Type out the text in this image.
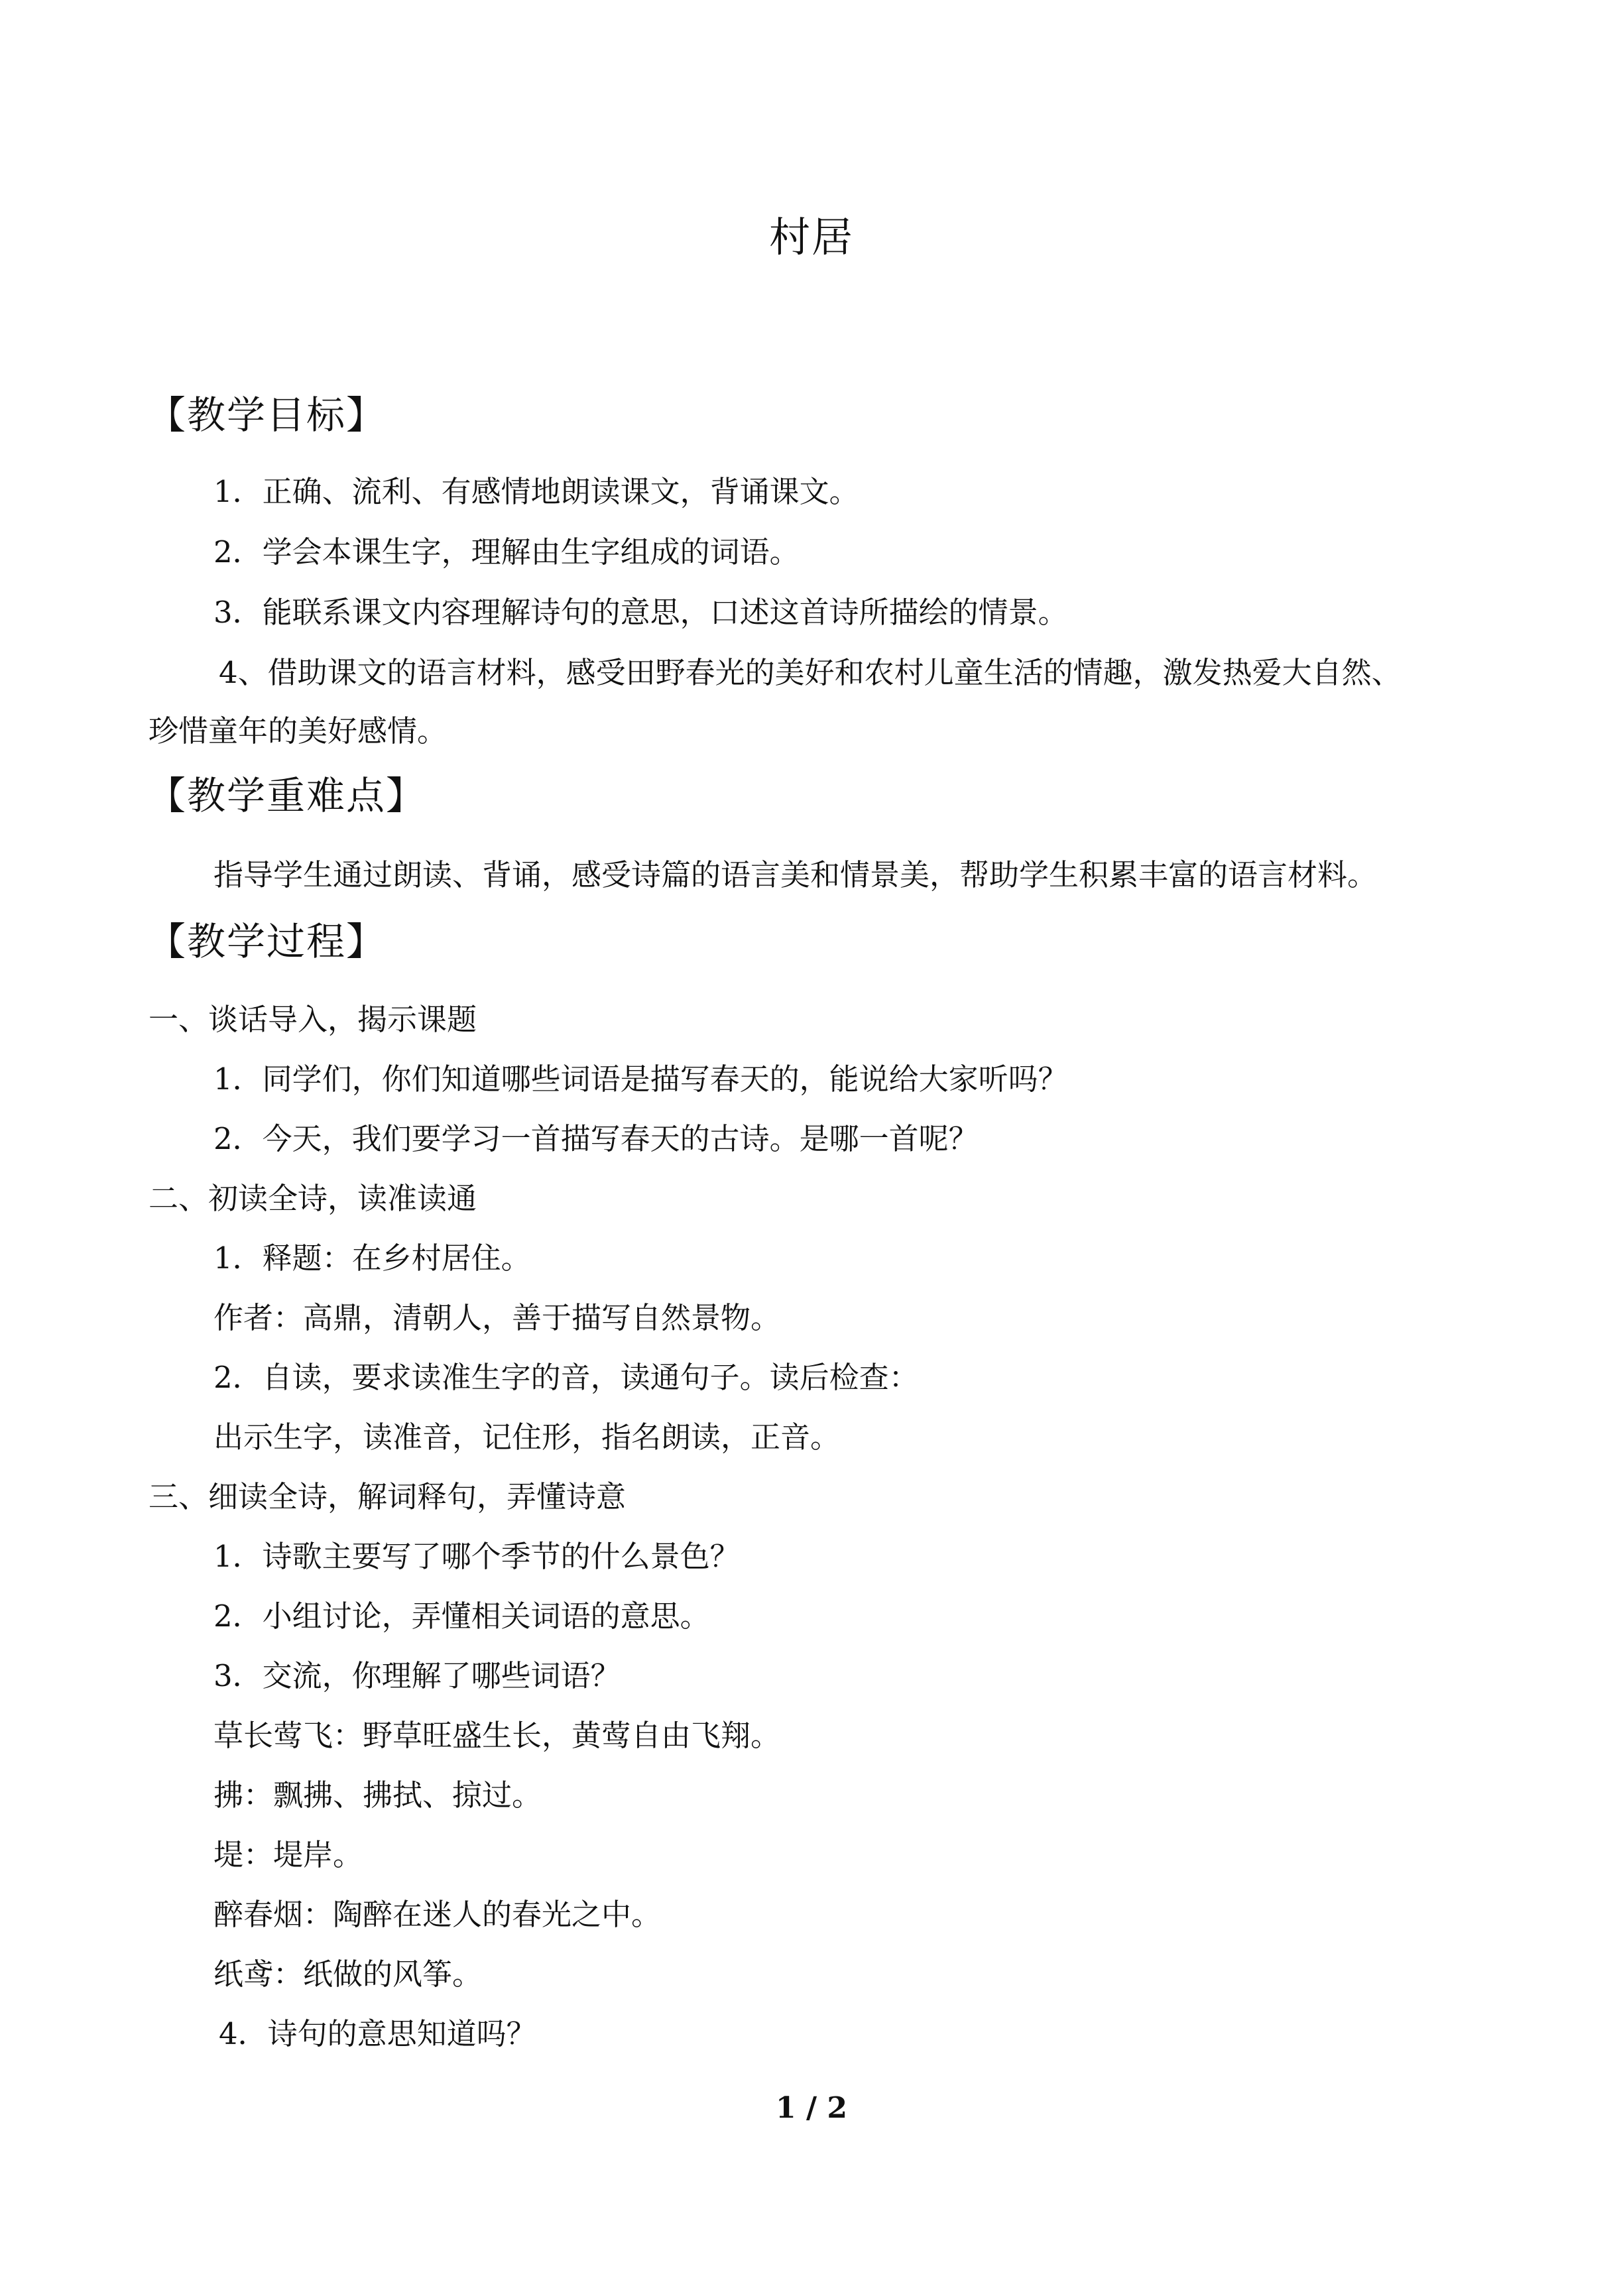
村居
【教学目标】
1．正确、流利、有感情地朗读课文，背诵课文。
2．学会本课生字，理解由生字组成的词语。
3．能联系课文内容理解诗句的意思，口述这首诗所描绘的情景。
4、借助课文的语言材料，感受田野春光的美好和农村儿童生活的情趣，激发热爱大自然、
珍惜童年的美好感情。
【教学重难点】
指导学生通过朗读、背诵，感受诗篇的语言美和情景美，帮助学生积累丰富的语言材料。
【教学过程】
一、谈话导入，揭示课题
1．同学们，你们知道哪些词语是描写春天的，能说给大家听吗？
2．今天，我们要学习一首描写春天的古诗。是哪一首呢？
二、初读全诗，读准读通
1．释题：在乡村居住。
作者：高鼎，清朝人，善于描写自然景物。
2．自读，要求读准生字的音，读通句子。读后检查：
出示生字，读准音，记住形，指名朗读，正音。
三、细读全诗，解词释句，弄懂诗意
1．诗歌主要写了哪个季节的什么景色？
2．小组讨论，弄懂相关词语的意思。
3．交流，你理解了哪些词语？
草长莺飞：野草旺盛生长，黄莺自由飞翔。
拂：飘拂、拂拭、掠过。
堤：堤岸。
醉春烟：陶醉在迷人的春光之中。
纸鸢：纸做的风筝。
4．诗句的意思知道吗？
1 / 2
